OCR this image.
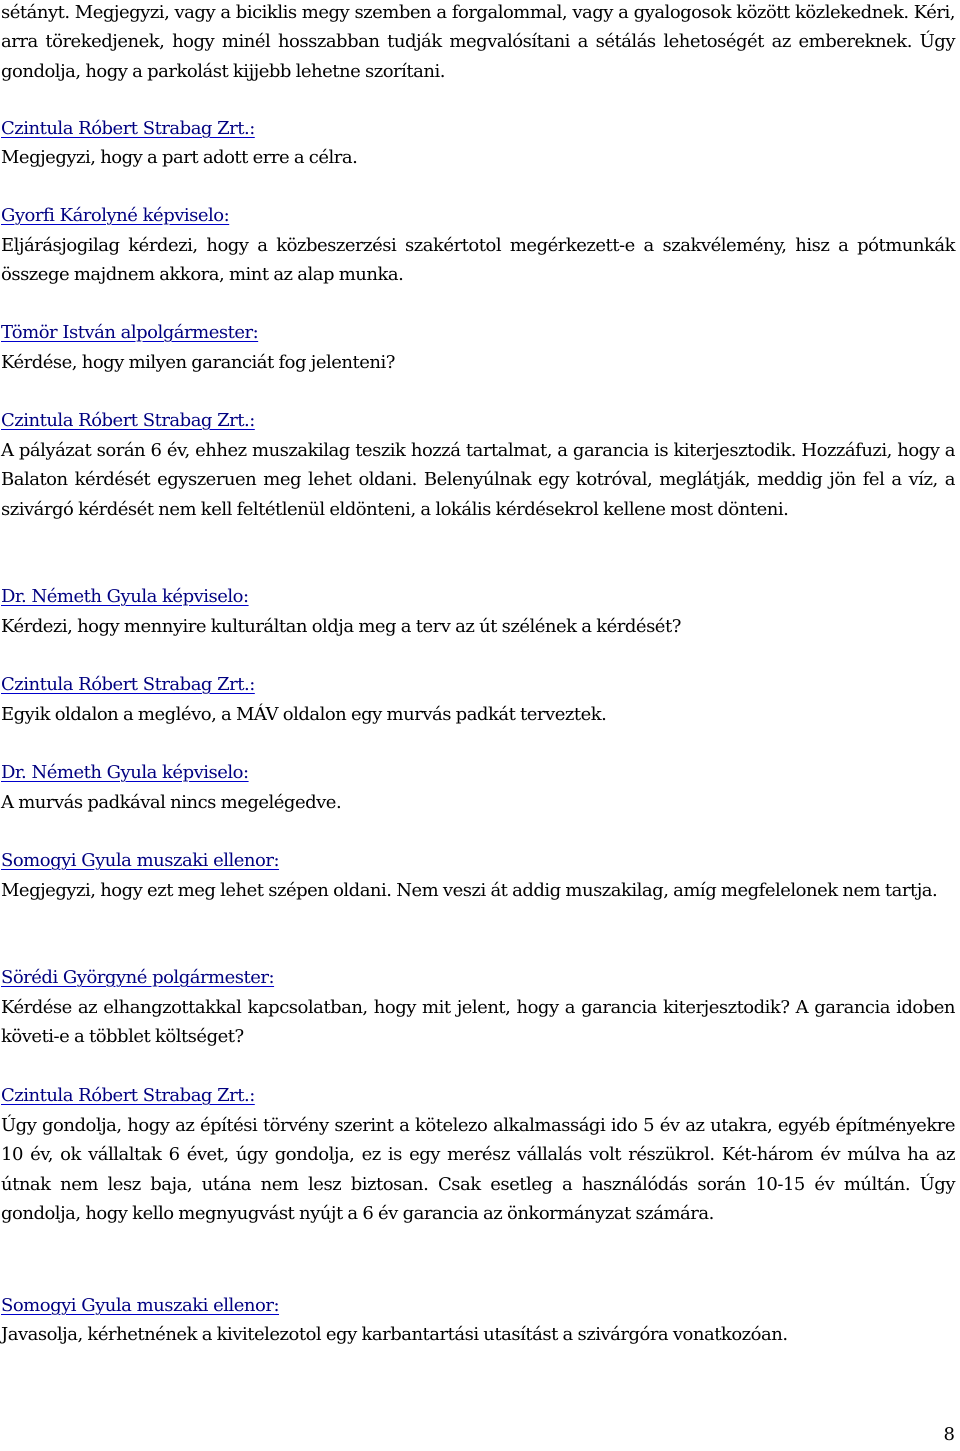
sétányt. Megjegyzi, vagy a biciklis megy szemben a forgalommal, vagy a gyalogosok között közlekednek. Kéri, arra törekedjenek, hogy minél hosszabban tudják megvalósítani a sétálás lehetoségét az embereknek. Úgy gondolja, hogy a parkolást kijjebb lehetne szorítani.

Czintula Róbert Strabag Zrt.:

Megjegyzi, hogy a part adott erre a célra.

Gyorfi Károlyné képviselo:

Eljárásjogilag kérdezi, hogy a közbeszerzési szakértotol megérkezett-e a szakvélemény, hisz a pótmunkák összege majdnem akkora, mint az alap munka.

Tömör István alpolgármester:

Kérdése, hogy milyen garanciát fog jelenteni?

Czintula Róbert Strabag Zrt.:

A pályázat során 6 év, ehhez muszakilag teszik hozzá tartalmat, a garancia is kiterjesztodik. Hozzáfuzi, hogy a Balaton kérdését egyszeruen meg lehet oldani. Belenyúlnak egy kotróval, meglátják, meddig jön fel a víz, a szivárgó kérdését nem kell feltétlenül eldönteni, a lokális kérdésekrol kellene most dönteni.

Dr. Németh Gyula képviselo:

Kérdezi, hogy mennyire kulturáltan oldja meg a terv az út szélének a kérdését?

Czintula Róbert Strabag Zrt.:

Egyik oldalon a meglévo, a MÁV oldalon egy murvás padkát terveztek.

Dr. Németh Gyula képviselo:

A murvás padkával nincs megelégedve.

Somogyi Gyula muszaki ellenor:

Megjegyzi, hogy ezt meg lehet szépen oldani. Nem veszi át addig muszakilag, amíg megfelelonek nem tartja.

Sörédi Györgyné polgármester:

Kérdése az elhangzottakkal kapcsolatban, hogy mit jelent, hogy a garancia kiterjesztodik? A garancia idoben követi-e a többlet költséget?

Czintula Róbert Strabag Zrt.:

Úgy gondolja, hogy az építési törvény szerint a kötelezo alkalmassági ido 5 év az utakra, egyéb építményekre 10 év, ok vállaltak 6 évet, úgy gondolja, ez is egy merész vállalás volt részükrol. Két-három év múlva ha az útnak nem lesz baja, utána nem lesz biztosan. Csak esetleg a használódás során 10-15 év múltán. Úgy gondolja, hogy kello megnyugvást nyújt a 6 év garancia az önkormányzat számára.

Somogyi Gyula muszaki ellenor:

Javasolja, kérhetnének a kivitelezotol egy karbantartási utasítást a szivárgóra vonatkozóan.

8
